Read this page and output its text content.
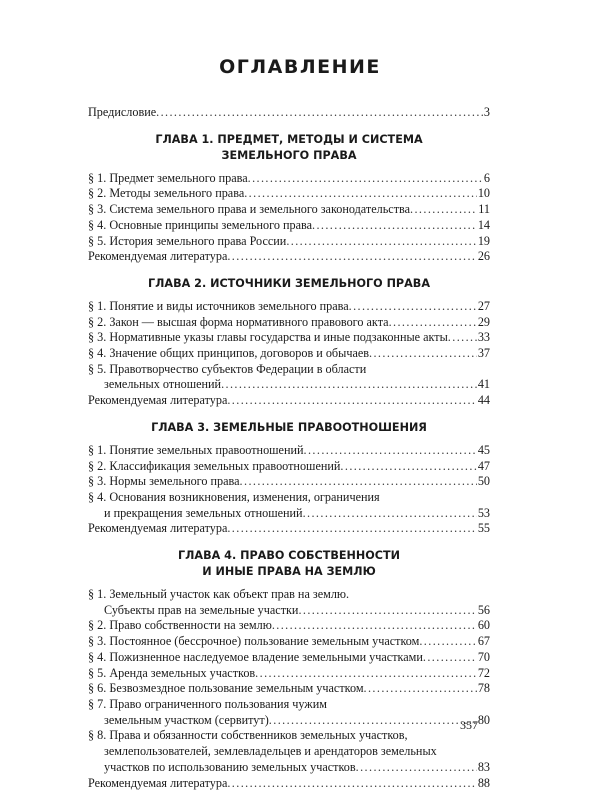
ОГЛАВЛЕНИЕ
Предисловие .....	3
ГЛАВА 1. ПРЕДМЕТ, МЕТОДЫ И СИСТЕМА
ЗЕМЕЛЬНОГО ПРАВА
§ 1. Предмет земельного права .....	6
§ 2. Методы земельного права .....	10
§ 3. Система земельного права и земельного законодательства .....	11
§ 4. Основные принципы земельного права .....	14
§ 5. История земельного права России .....	19
Рекомендуемая литература .....	26
ГЛАВА 2. ИСТОЧНИКИ ЗЕМЕЛЬНОГО ПРАВА
§ 1. Понятие и виды источников земельного права .....	27
§ 2. Закон — высшая форма нормативного правового акта .....	29
§ 3. Нормативные указы главы государства и иные подзаконные акты ..... 33
§ 4. Значение общих принципов, договоров и обычаев .....	37
§ 5. Правотворчество субъектов Федерации в области
земельных отношений .....	41
Рекомендуемая литература .....	44
ГЛАВА 3. ЗЕМЕЛЬНЫЕ ПРАВООТНОШЕНИЯ
§ 1. Понятие земельных правоотношений .....	45
§ 2. Классификация земельных правоотношений .....	47
§ 3. Нормы земельного права .....	50
§ 4. Основания возникновения, изменения, ограничения
и прекращения земельных отношений .....	53
Рекомендуемая литература .....	55
ГЛАВА 4. ПРАВО СОБСТВЕННОСТИ
И ИНЫЕ ПРАВА НА ЗЕМЛЮ
§ 1. Земельный участок как объект прав на землю.
Субъекты прав на земельные участки .....	56
§ 2. Право собственности на землю .....	60
§ 3. Постоянное (бессрочное) пользование земельным участком .....	67
§ 4. Пожизненное наследуемое владение земельными участками .....	70
§ 5. Аренда земельных участков .....	72
§ 6. Безвозмездное пользование земельным участком .....	78
§ 7. Право ограниченного пользования чужим
земельным участком (сервитут) .....	80
§ 8. Права и обязанности собственников земельных участков,
землепользователей, землевладельцев и арендаторов земельных
участков по использованию земельных участков .....	83
Рекомендуемая литература .....	88
357
